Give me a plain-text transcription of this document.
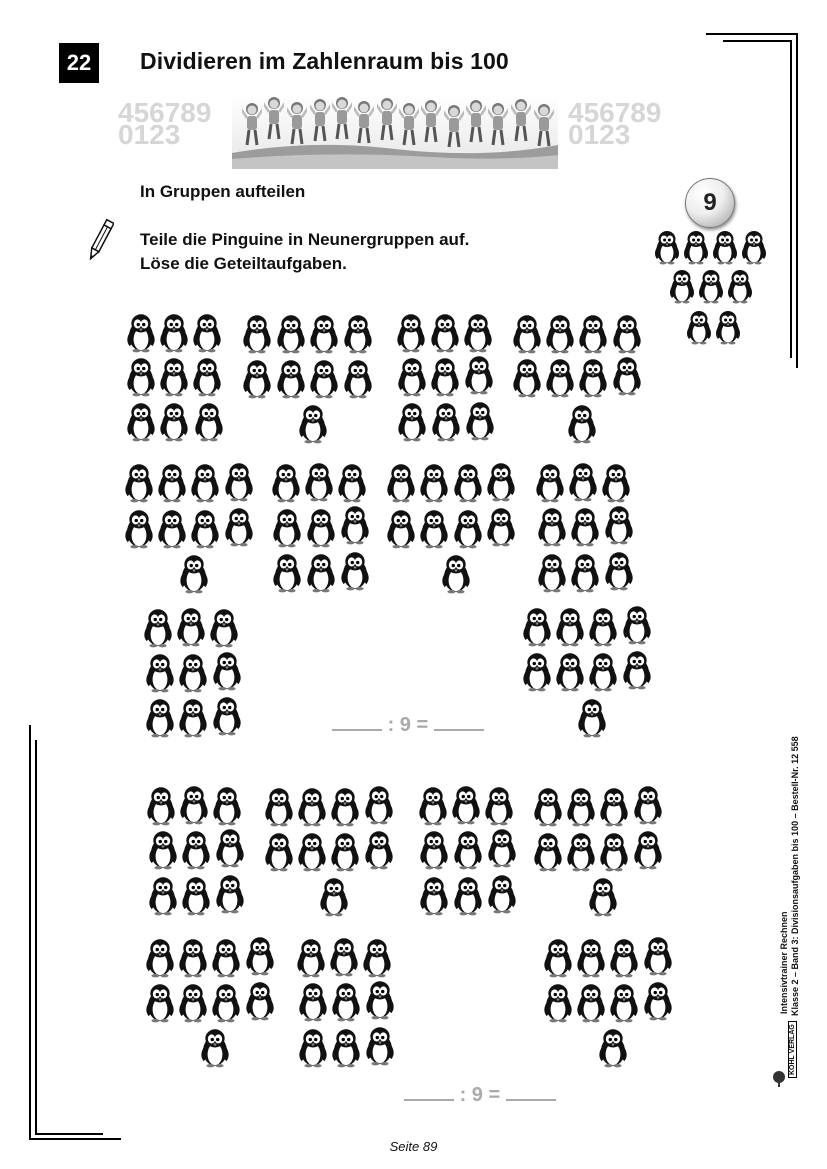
22	Dividieren im Zahlenraum bis 100
456789 0123
456789 0123
In Gruppen aufteilen
Teile die Pinguine in Neunergruppen auf.
Löse die Geteiltaufgaben.
9
: 9 =
: 9 =
Intensivtrainer Rechnen Klasse 2 – Band 3: Divisionsaufgaben bis 100 – Bestell-Nr. 12 558
KOHL VERLAG
Seite 89
